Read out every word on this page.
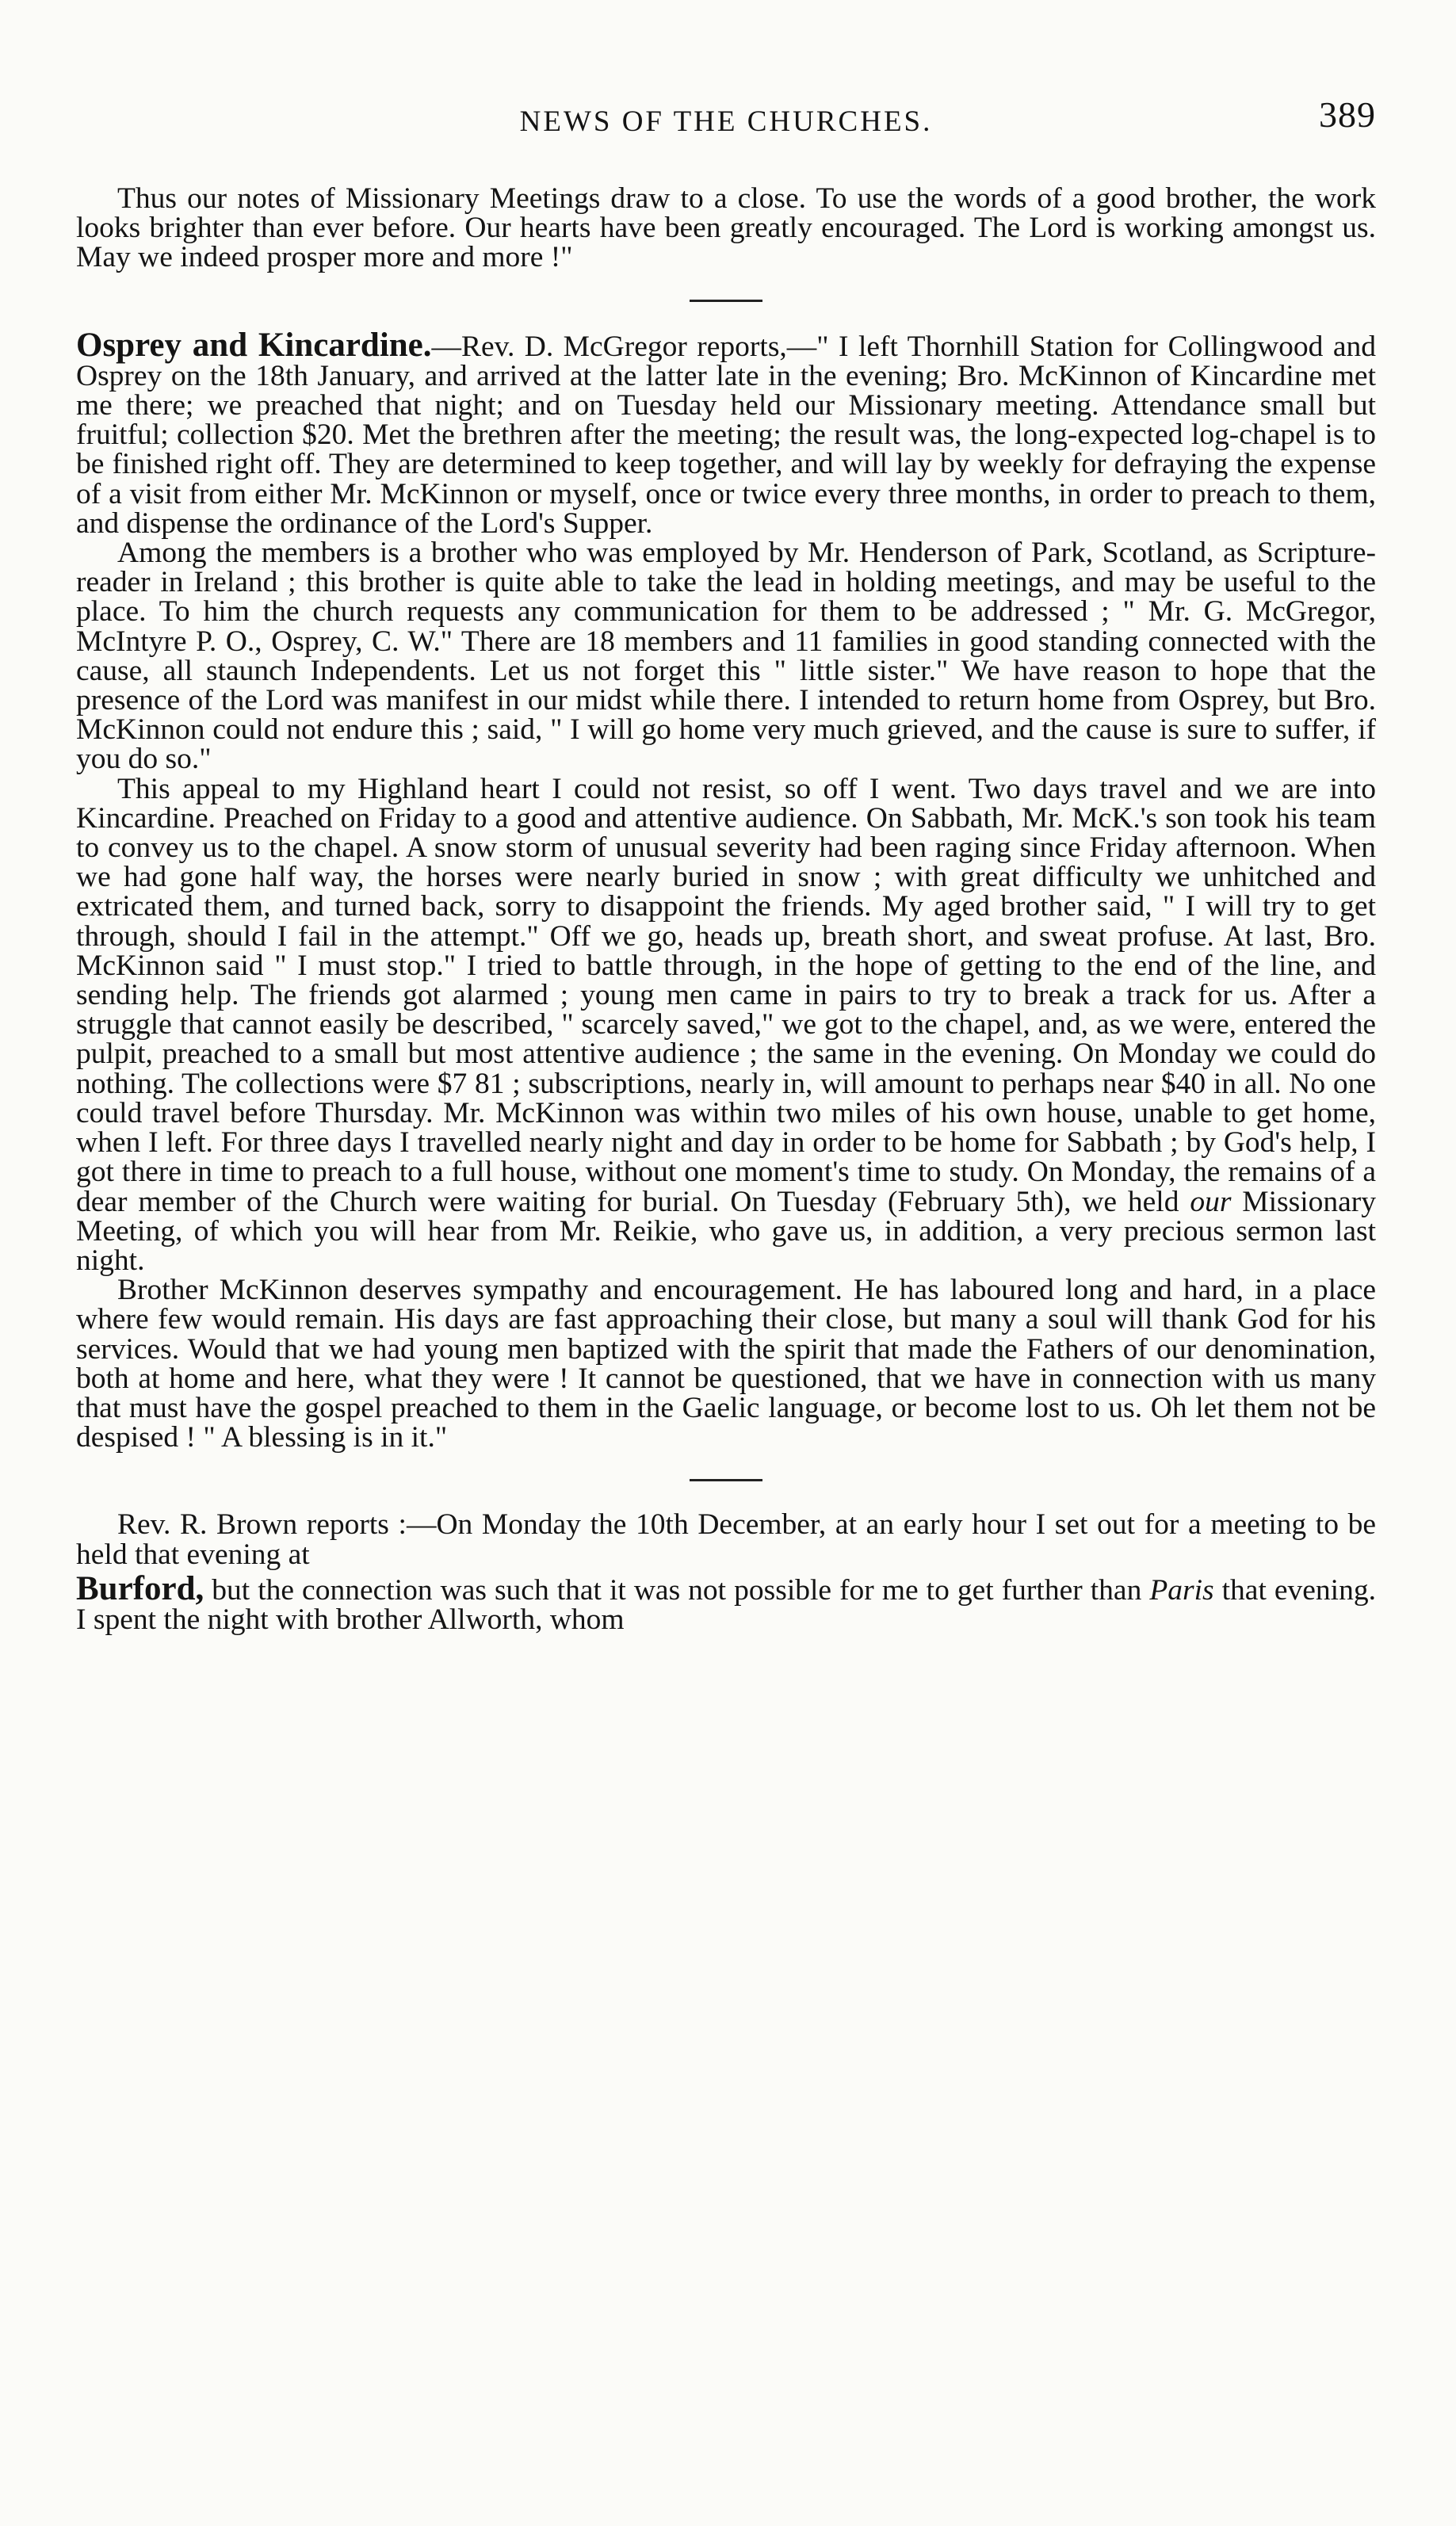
NEWS OF THE CHURCHES.	389

Thus our notes of Missionary Meetings draw to a close. To use the words of a good brother, the work looks brighter than ever before. Our hearts have been greatly encouraged. The Lord is working amongst us. May we indeed prosper more and more !"

Osprey and Kincardine.—Rev. D. McGregor reports,—" I left Thornhill Station for Collingwood and Osprey on the 18th January, and arrived at the latter late in the evening; Bro. McKinnon of Kincardine met me there; we preached that night; and on Tuesday held our Missionary meeting. Attendance small but fruitful; collection $20. Met the brethren after the meeting; the result was, the long-expected log-chapel is to be finished right off. They are determined to keep together, and will lay by weekly for defraying the expense of a visit from either Mr. McKinnon or myself, once or twice every three months, in order to preach to them, and dispense the ordinance of the Lord's Supper.

Among the members is a brother who was employed by Mr. Henderson of Park, Scotland, as Scripture-reader in Ireland ; this brother is quite able to take the lead in holding meetings, and may be useful to the place. To him the church requests any communication for them to be addressed ; " Mr. G. McGregor, McIntyre P. O., Osprey, C. W." There are 18 members and 11 families in good standing connected with the cause, all staunch Independents. Let us not forget this " little sister." We have reason to hope that the presence of the Lord was manifest in our midst while there. I intended to return home from Osprey, but Bro. McKinnon could not endure this ; said, " I will go home very much grieved, and the cause is sure to suffer, if you do so."

This appeal to my Highland heart I could not resist, so off I went. Two days travel and we are into Kincardine. Preached on Friday to a good and attentive audience. On Sabbath, Mr. McK.'s son took his team to convey us to the chapel. A snow storm of unusual severity had been raging since Friday afternoon. When we had gone half way, the horses were nearly buried in snow ; with great difficulty we unhitched and extricated them, and turned back, sorry to disappoint the friends. My aged brother said, " I will try to get through, should I fail in the attempt." Off we go, heads up, breath short, and sweat profuse. At last, Bro. McKinnon said " I must stop." I tried to battle through, in the hope of getting to the end of the line, and sending help. The friends got alarmed ; young men came in pairs to try to break a track for us. After a struggle that cannot easily be described, " scarcely saved," we got to the chapel, and, as we were, entered the pulpit, preached to a small but most attentive audience ; the same in the evening. On Monday we could do nothing. The collections were $7 81 ; subscriptions, nearly in, will amount to perhaps near $40 in all. No one could travel before Thursday. Mr. McKinnon was within two miles of his own house, unable to get home, when I left. For three days I travelled nearly night and day in order to be home for Sabbath ; by God's help, I got there in time to preach to a full house, without one moment's time to study. On Monday, the remains of a dear member of the Church were waiting for burial. On Tuesday (February 5th), we held our Missionary Meeting, of which you will hear from Mr. Reikie, who gave us, in addition, a very precious sermon last night.

Brother McKinnon deserves sympathy and encouragement. He has laboured long and hard, in a place where few would remain. His days are fast approaching their close, but many a soul will thank God for his services. Would that we had young men baptized with the spirit that made the Fathers of our denomination, both at home and here, what they were ! It cannot be questioned, that we have in connection with us many that must have the gospel preached to them in the Gaelic language, or become lost to us. Oh let them not be despised ! " A blessing is in it."

Rev. R. Brown reports :—On Monday the 10th December, at an early hour I set out for a meeting to be held that evening at

Burford, but the connection was such that it was not possible for me to get further than Paris that evening. I spent the night with brother Allworth, whom
